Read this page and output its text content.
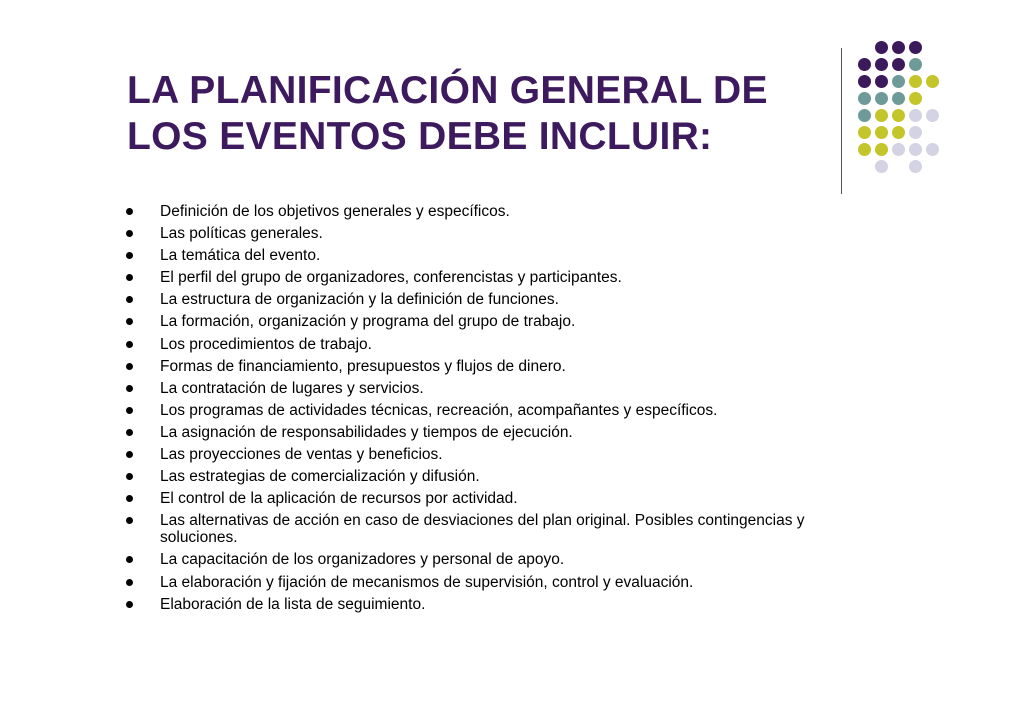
LA PLANIFICACIÓN GENERAL DE
LOS EVENTOS DEBE INCLUIR:
Definición de los objetivos generales y específicos.
Las políticas generales.
La temática del evento.
El perfil del grupo de organizadores, conferencistas y participantes.
La estructura de organización y la definición de funciones.
La formación, organización y programa del grupo de trabajo.
Los procedimientos de trabajo.
Formas de financiamiento, presupuestos y flujos de dinero.
La contratación de lugares y servicios.
Los programas de actividades técnicas, recreación, acompañantes y específicos.
La asignación de responsabilidades y tiempos de ejecución.
Las proyecciones de ventas y beneficios.
Las estrategias de comercialización y difusión.
El control de la aplicación de recursos por actividad.
Las alternativas de acción en caso de desviaciones del plan original. Posibles contingencias y soluciones.
La capacitación de los organizadores y personal de apoyo.
La elaboración y fijación de mecanismos de supervisión, control y evaluación.
Elaboración de la lista de seguimiento.
